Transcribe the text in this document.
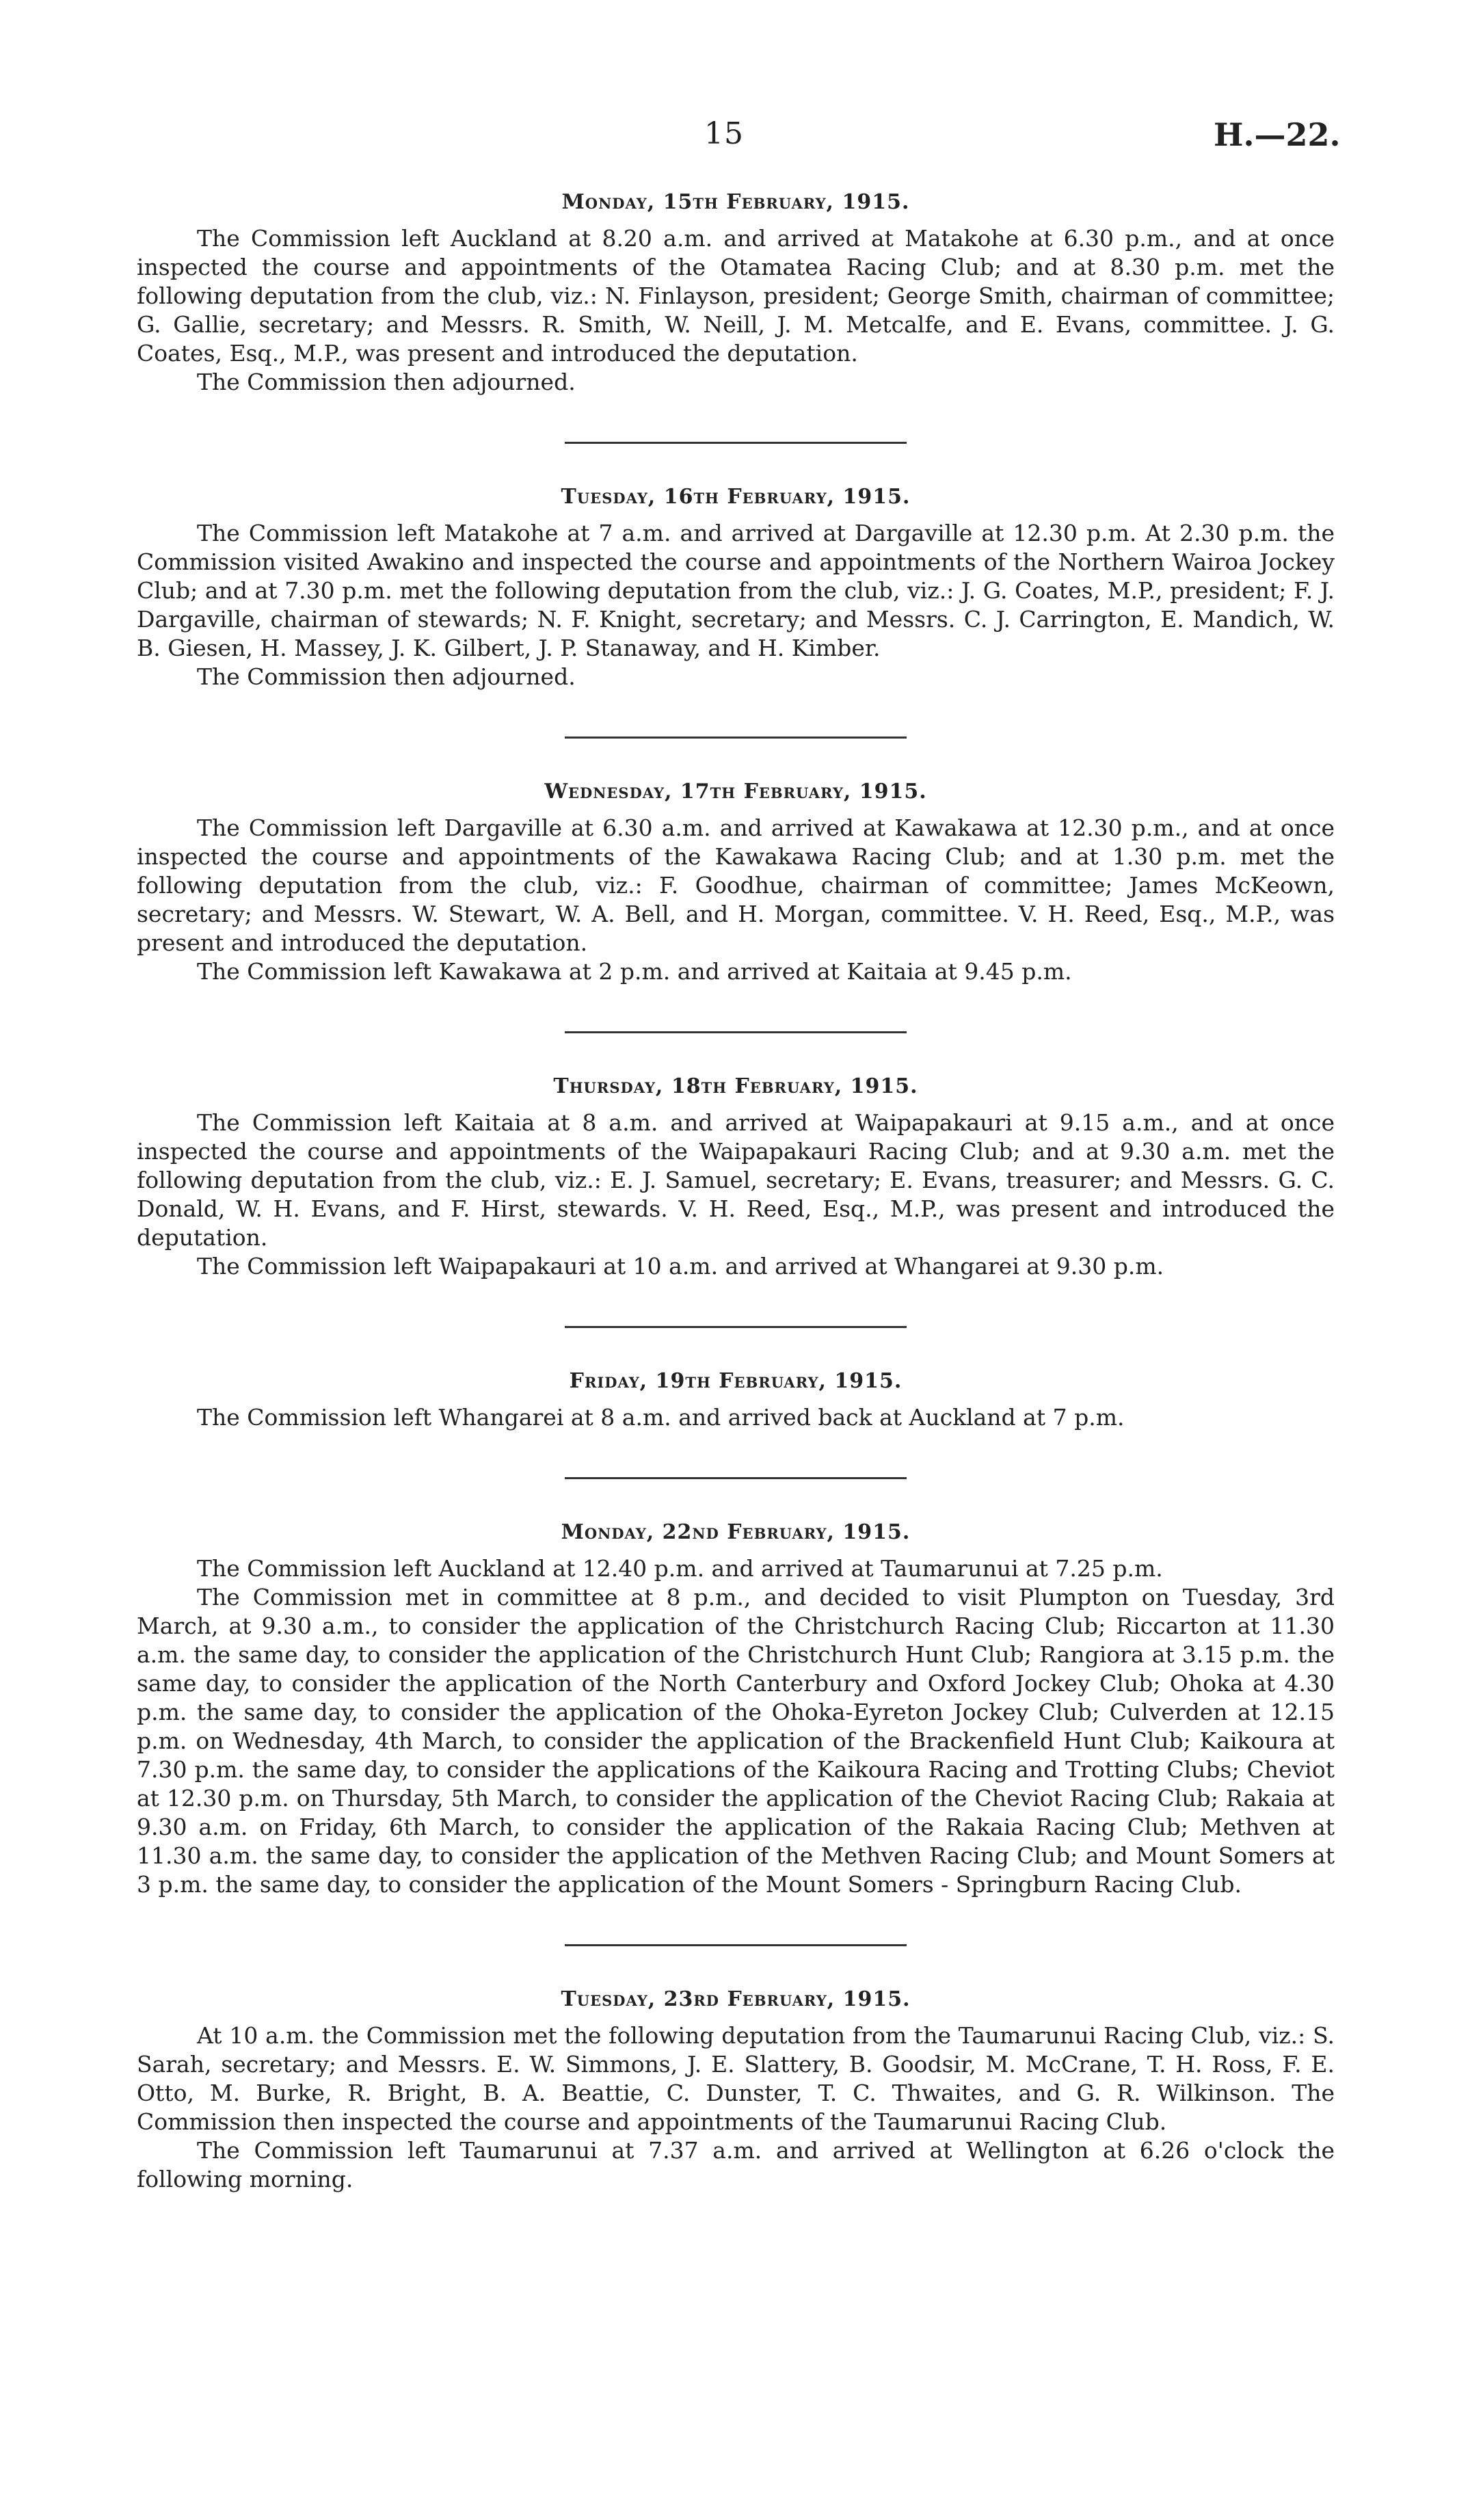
15	H.—22.
Monday, 15th February, 1915.

The Commission left Auckland at 8.20 a.m. and arrived at Matakohe at 6.30 p.m., and at once inspected the course and appointments of the Otamatea Racing Club; and at 8.30 p.m. met the following deputation from the club, viz.: N. Finlayson, president; George Smith, chairman of committee; G. Gallie, secretary; and Messrs. R. Smith, W. Neill, J. M. Metcalfe, and E. Evans, committee. J. G. Coates, Esq., M.P., was present and introduced the deputation.

The Commission then adjourned.

Tuesday, 16th February, 1915.

The Commission left Matakohe at 7 a.m. and arrived at Dargaville at 12.30 p.m. At 2.30 p.m. the Commission visited Awakino and inspected the course and appointments of the Northern Wairoa Jockey Club; and at 7.30 p.m. met the following deputation from the club, viz.: J. G. Coates, M.P., president; F. J. Dargaville, chairman of stewards; N. F. Knight, secretary; and Messrs. C. J. Carrington, E. Mandich, W. B. Giesen, H. Massey, J. K. Gilbert, J. P. Stanaway, and H. Kimber.

The Commission then adjourned.

Wednesday, 17th February, 1915.

The Commission left Dargaville at 6.30 a.m. and arrived at Kawakawa at 12.30 p.m., and at once inspected the course and appointments of the Kawakawa Racing Club; and at 1.30 p.m. met the following deputation from the club, viz.: F. Goodhue, chairman of committee; James McKeown, secretary; and Messrs. W. Stewart, W. A. Bell, and H. Morgan, committee. V. H. Reed, Esq., M.P., was present and introduced the deputation.

The Commission left Kawakawa at 2 p.m. and arrived at Kaitaia at 9.45 p.m.

Thursday, 18th February, 1915.

The Commission left Kaitaia at 8 a.m. and arrived at Waipapakauri at 9.15 a.m., and at once inspected the course and appointments of the Waipapakauri Racing Club; and at 9.30 a.m. met the following deputation from the club, viz.: E. J. Samuel, secretary; E. Evans, treasurer; and Messrs. G. C. Donald, W. H. Evans, and F. Hirst, stewards. V. H. Reed, Esq., M.P., was present and introduced the deputation.

The Commission left Waipapakauri at 10 a.m. and arrived at Whangarei at 9.30 p.m.

Friday, 19th February, 1915.

The Commission left Whangarei at 8 a.m. and arrived back at Auckland at 7 p.m.

Monday, 22nd February, 1915.

The Commission left Auckland at 12.40 p.m. and arrived at Taumarunui at 7.25 p.m.

The Commission met in committee at 8 p.m., and decided to visit Plumpton on Tuesday, 3rd March, at 9.30 a.m., to consider the application of the Christchurch Racing Club; Riccarton at 11.30 a.m. the same day, to consider the application of the Christchurch Hunt Club; Rangiora at 3.15 p.m. the same day, to consider the application of the North Canterbury and Oxford Jockey Club; Ohoka at 4.30 p.m. the same day, to consider the application of the Ohoka-Eyreton Jockey Club; Culverden at 12.15 p.m. on Wednesday, 4th March, to consider the application of the Brackenfield Hunt Club; Kaikoura at 7.30 p.m. the same day, to consider the applications of the Kaikoura Racing and Trotting Clubs; Cheviot at 12.30 p.m. on Thursday, 5th March, to consider the application of the Cheviot Racing Club; Rakaia at 9.30 a.m. on Friday, 6th March, to consider the application of the Rakaia Racing Club; Methven at 11.30 a.m. the same day, to consider the application of the Methven Racing Club; and Mount Somers at 3 p.m. the same day, to consider the application of the Mount Somers - Springburn Racing Club.

Tuesday, 23rd February, 1915.

At 10 a.m. the Commission met the following deputation from the Taumarunui Racing Club, viz.: S. Sarah, secretary; and Messrs. E. W. Simmons, J. E. Slattery, B. Goodsir, M. McCrane, T. H. Ross, F. E. Otto, M. Burke, R. Bright, B. A. Beattie, C. Dunster, T. C. Thwaites, and G. R. Wilkinson. The Commission then inspected the course and appointments of the Taumarunui Racing Club.

The Commission left Taumarunui at 7.37 a.m. and arrived at Wellington at 6.26 o'clock the following morning.
